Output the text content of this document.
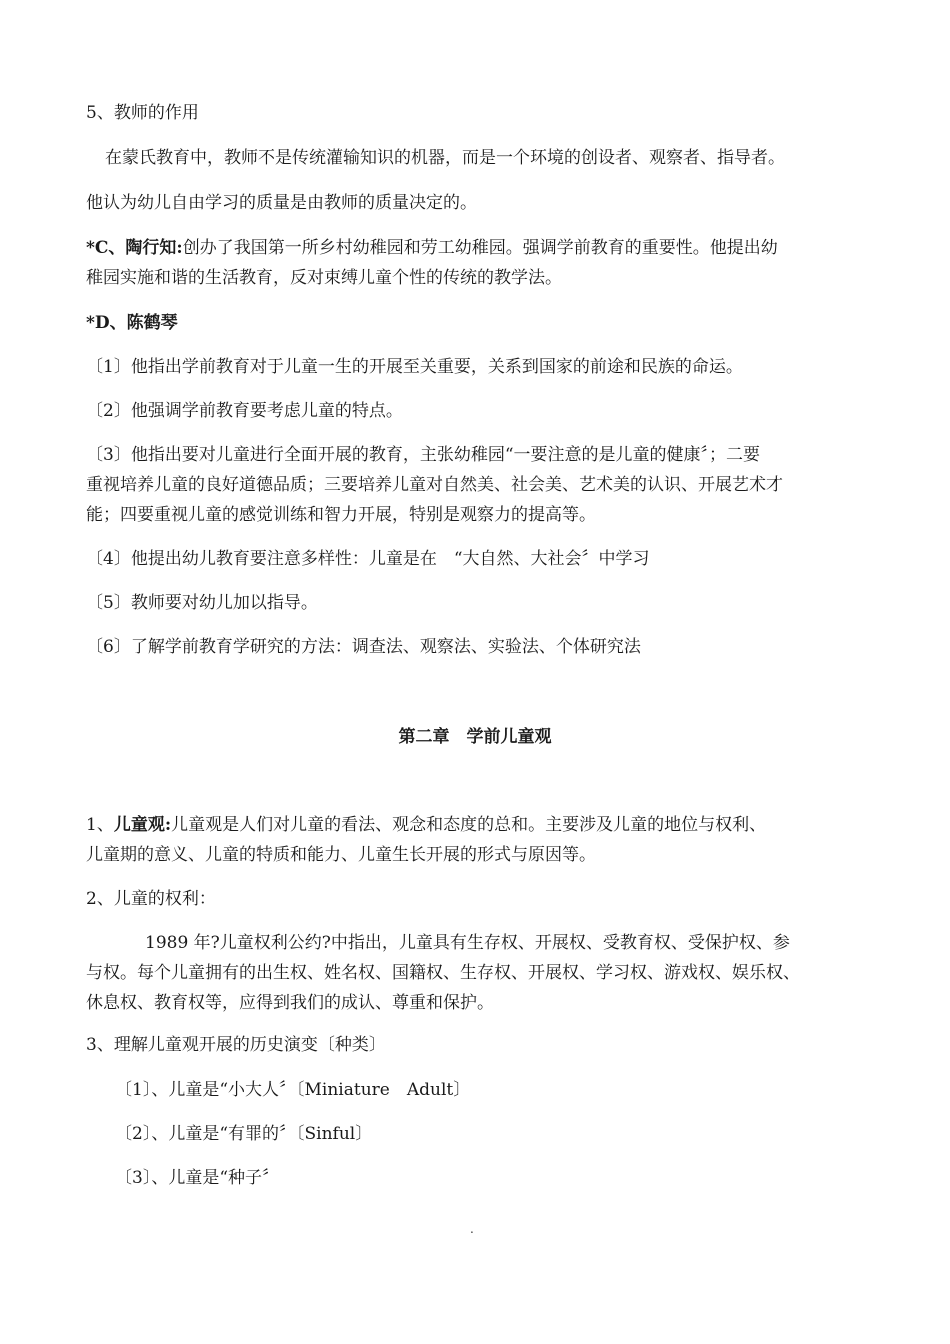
5、教师的作用

在蒙氏教育中，教师不是传统灌输知识的机器，而是一个环境的创设者、观察者、指导者。

他认为幼儿自由学习的质量是由教师的质量决定的。

*C、陶行知:创办了我国第一所乡村幼稚园和劳工幼稚园。强调学前教育的重要性。他提出幼

稚园实施和谐的生活教育，反对束缚儿童个性的传统的教学法。

*D、陈鹤琴

〔1〕他指出学前教育对于儿童一生的开展至关重要，关系到国家的前途和民族的命运。

〔2〕他强调学前教育要考虑儿童的特点。

〔3〕他指出要对儿童进行全面开展的教育，主张幼稚园“一要注意的是儿童的健康〞；二要

重视培养儿童的良好道德品质；三要培养儿童对自然美、社会美、艺术美的认识、开展艺术才

能；四要重视儿童的感觉训练和智力开展，特别是观察力的提高等。

〔4〕他提出幼儿教育要注意多样性：儿童是在　“大自然、大社会〞中学习

〔5〕教师要对幼儿加以指导。

〔6〕了解学前教育学研究的方法：调查法、观察法、实验法、个体研究法

第二章　学前儿童观

1、儿童观:儿童观是人们对儿童的看法、观念和态度的总和。主要涉及儿童的地位与权利、

儿童期的意义、儿童的特质和能力、儿童生长开展的形式与原因等。

2、儿童的权利：

1989 年?儿童权利公约?中指出，儿童具有生存权、开展权、受教育权、受保护权、参

与权。每个儿童拥有的出生权、姓名权、国籍权、生存权、开展权、学习权、游戏权、娱乐权、

休息权、教育权等，应得到我们的成认、尊重和保护。

3、理解儿童观开展的历史演变〔种类〕

〔1〕、儿童是“小大人〞〔Miniature　Adult〕

〔2〕、儿童是“有罪的〞〔Sinful〕

〔3〕、儿童是“种子〞

.
